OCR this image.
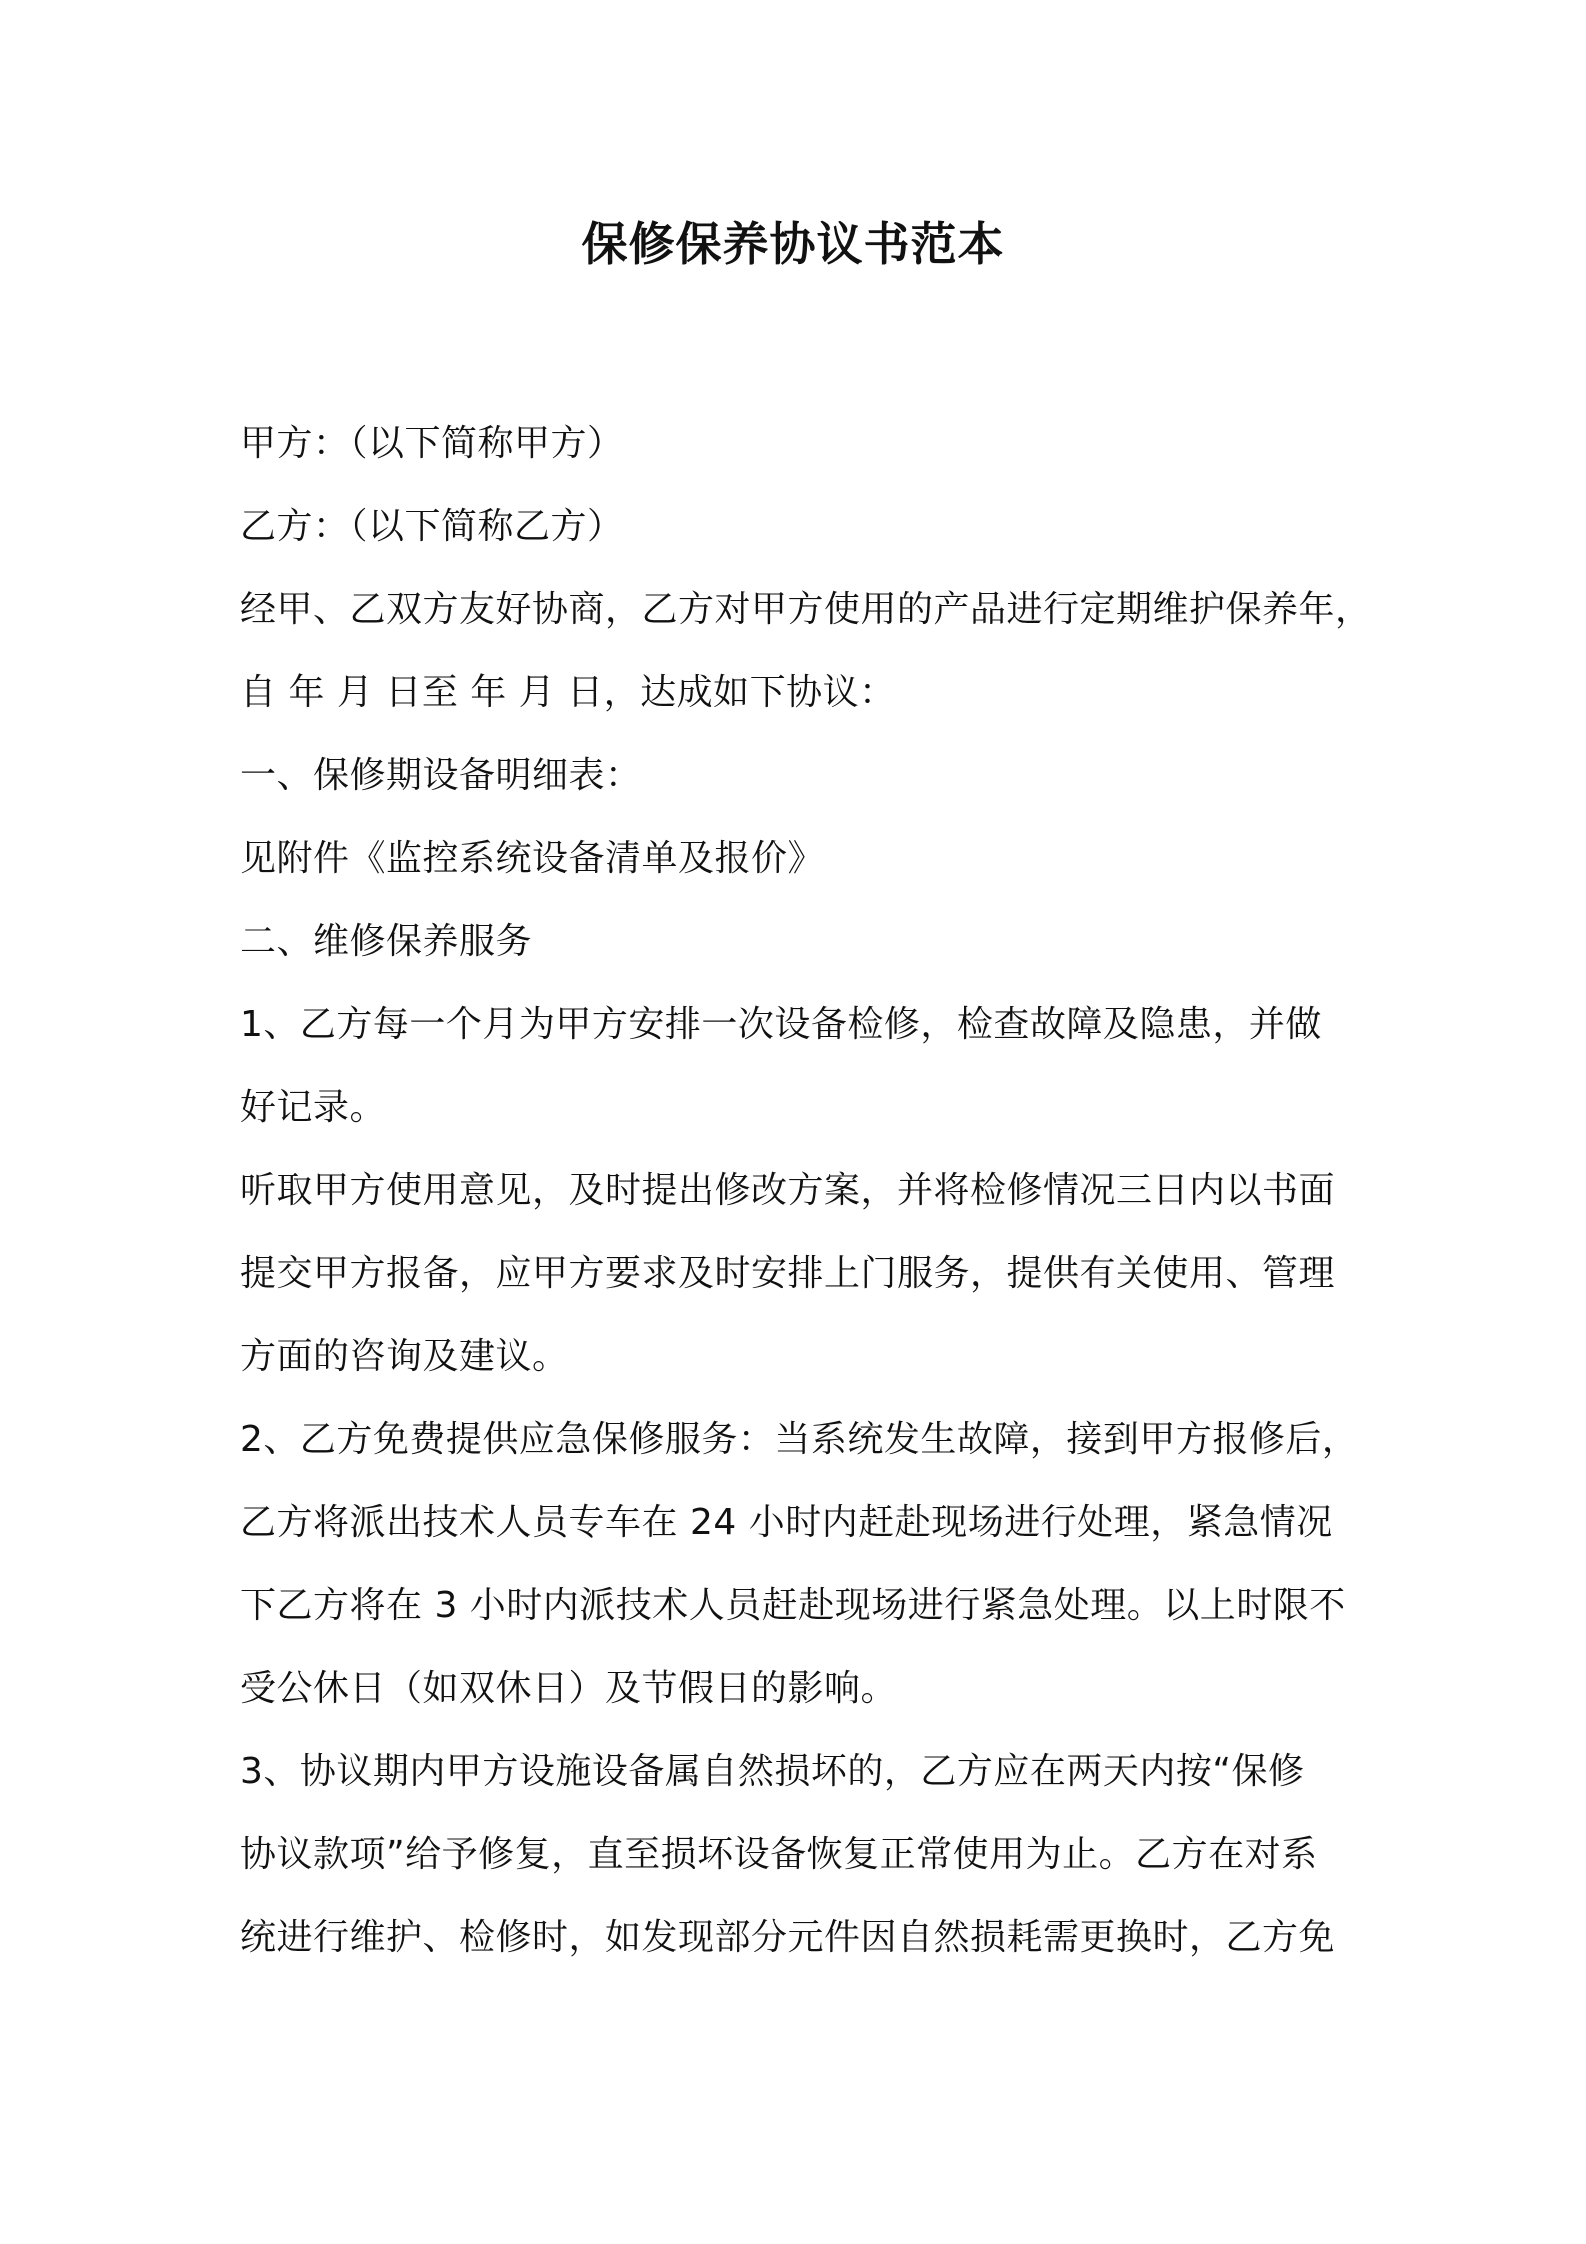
保修保养协议书范本
甲方：（以下简称甲方）
乙方：（以下简称乙方）
经甲、乙双方友好协商，乙方对甲方使用的产品进行定期维护保养年，
自 年 月 日至 年 月 日，达成如下协议：
一、保修期设备明细表：
见附件《监控系统设备清单及报价》
二、维修保养服务
1、乙方每一个月为甲方安排一次设备检修，检查故障及隐患，并做
好记录。
听取甲方使用意见，及时提出修改方案，并将检修情况三日内以书面
提交甲方报备，应甲方要求及时安排上门服务，提供有关使用、管理
方面的咨询及建议。
2、乙方免费提供应急保修服务：当系统发生故障，接到甲方报修后，
乙方将派出技术人员专车在 24 小时内赶赴现场进行处理，紧急情况
下乙方将在 3 小时内派技术人员赶赴现场进行紧急处理。以上时限不
受公休日（如双休日）及节假日的影响。
3、协议期内甲方设施设备属自然损坏的，乙方应在两天内按“保修
协议款项”给予修复，直至损坏设备恢复正常使用为止。乙方在对系
统进行维护、检修时，如发现部分元件因自然损耗需更换时，乙方免
